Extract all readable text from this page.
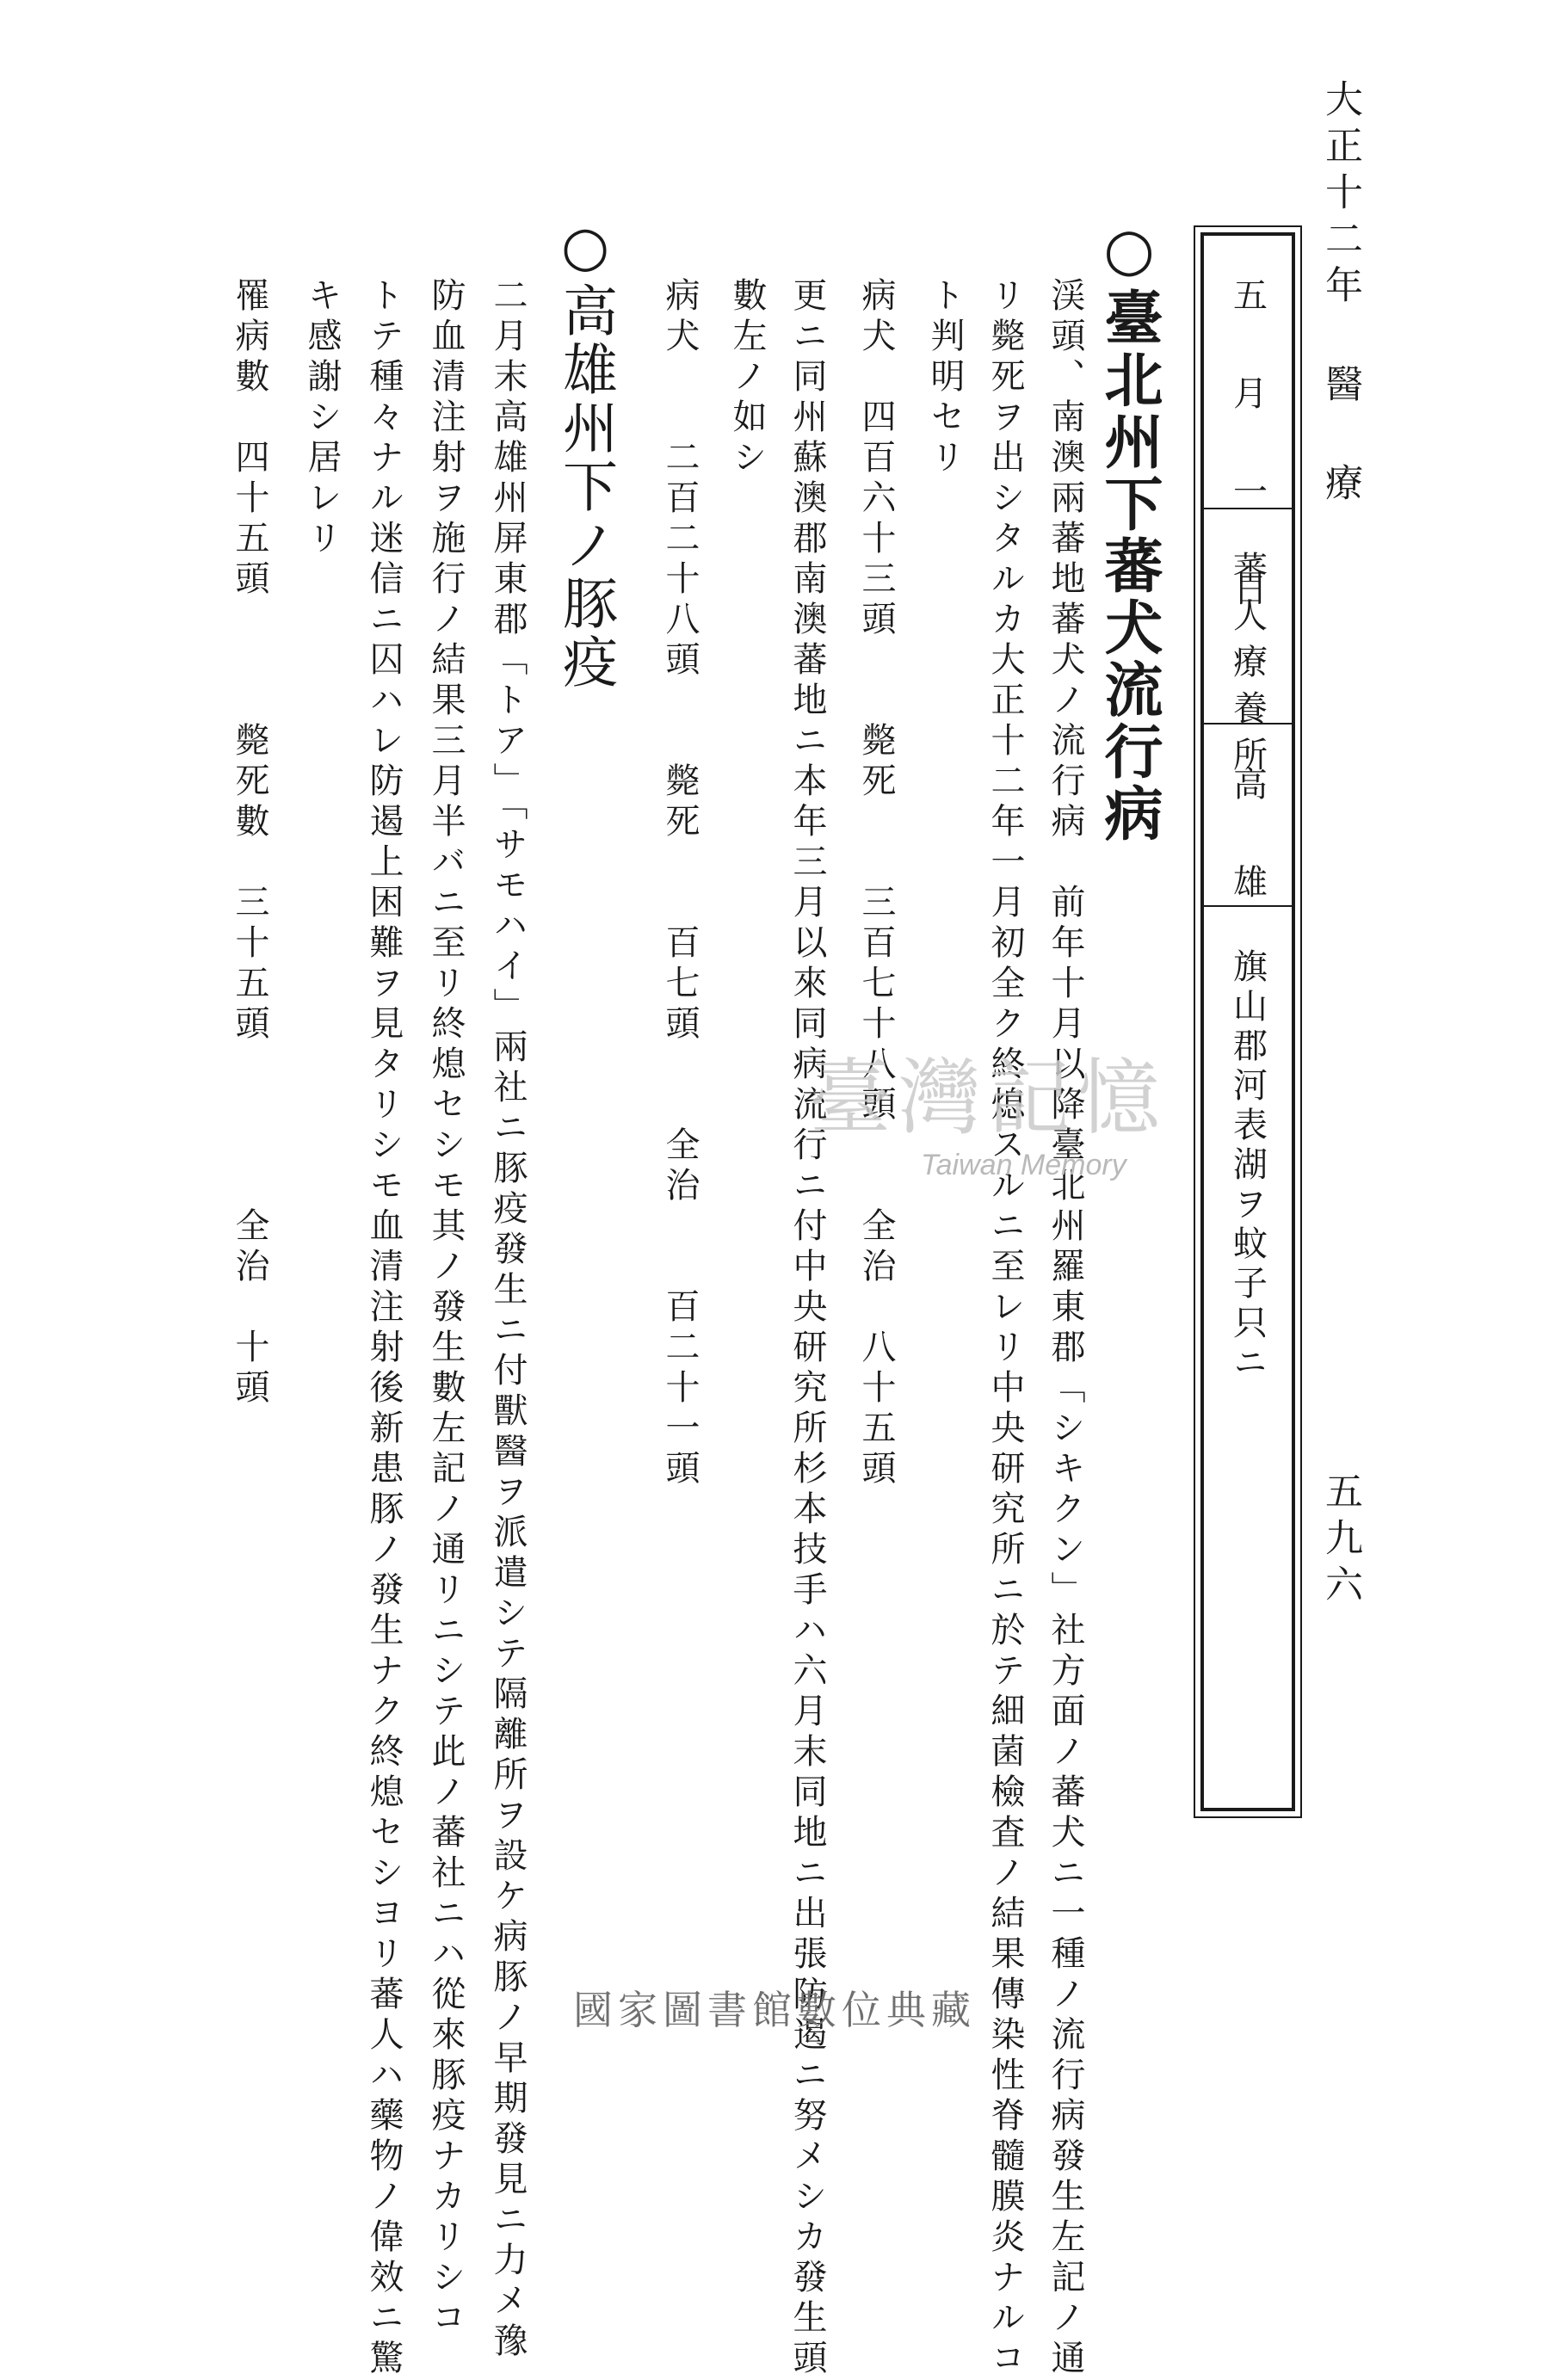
大正十二年 醫 療
五九六
五 月 一 日
蕃人療養所
高 雄
旗山郡河表湖ヲ蚊子只ニ
○臺北州下蕃犬流行病
渓頭、南澳兩蕃地蕃犬ノ流行病　前年十月以降臺北州羅東郡「シキクン」社方面ノ蕃犬ニ一種ノ流行病發生左記ノ通
リ斃死ヲ出シタルカ大正十二年一月初全ク終熄スルニ至レリ中央研究所ニ於テ細菌檢査ノ結果傳染性脊髓膜炎ナルコ
ト判明セリ
病犬　四百六十三頭　　斃死　　三百七十八頭　　全治　八十五頭
更ニ同州蘇澳郡南澳蕃地ニ本年三月以來同病流行ニ付中央研究所杉本技手ハ六月末同地ニ出張防遏ニ努メシカ發生頭
數左ノ如シ
病犬　　二百二十八頭　　斃死　　百七頭　　全治　　百二十一頭
○高雄州下ノ豚疫
二月末高雄州屏東郡「トア」「サモハイ」兩社ニ豚疫發生ニ付獸醫ヲ派遣シテ隔離所ヲ設ケ病豚ノ早期發見ニ力メ豫
防血清注射ヲ施行ノ結果三月半バニ至リ終熄セシモ其ノ發生數左記ノ通リニシテ此ノ蕃社ニハ從來豚疫ナカリシコ
トテ種々ナル迷信ニ囚ハレ防遏上困難ヲ見タリシモ血清注射後新患豚ノ發生ナク終熄セシヨリ蕃人ハ藥物ノ偉效ニ驚
キ感謝シ居レリ
罹病數　四十五頭　　　斃死數　三十五頭　　　　全治　十頭	臺灣記憶
Taiwan Memory
國家圖書館數位典藏
